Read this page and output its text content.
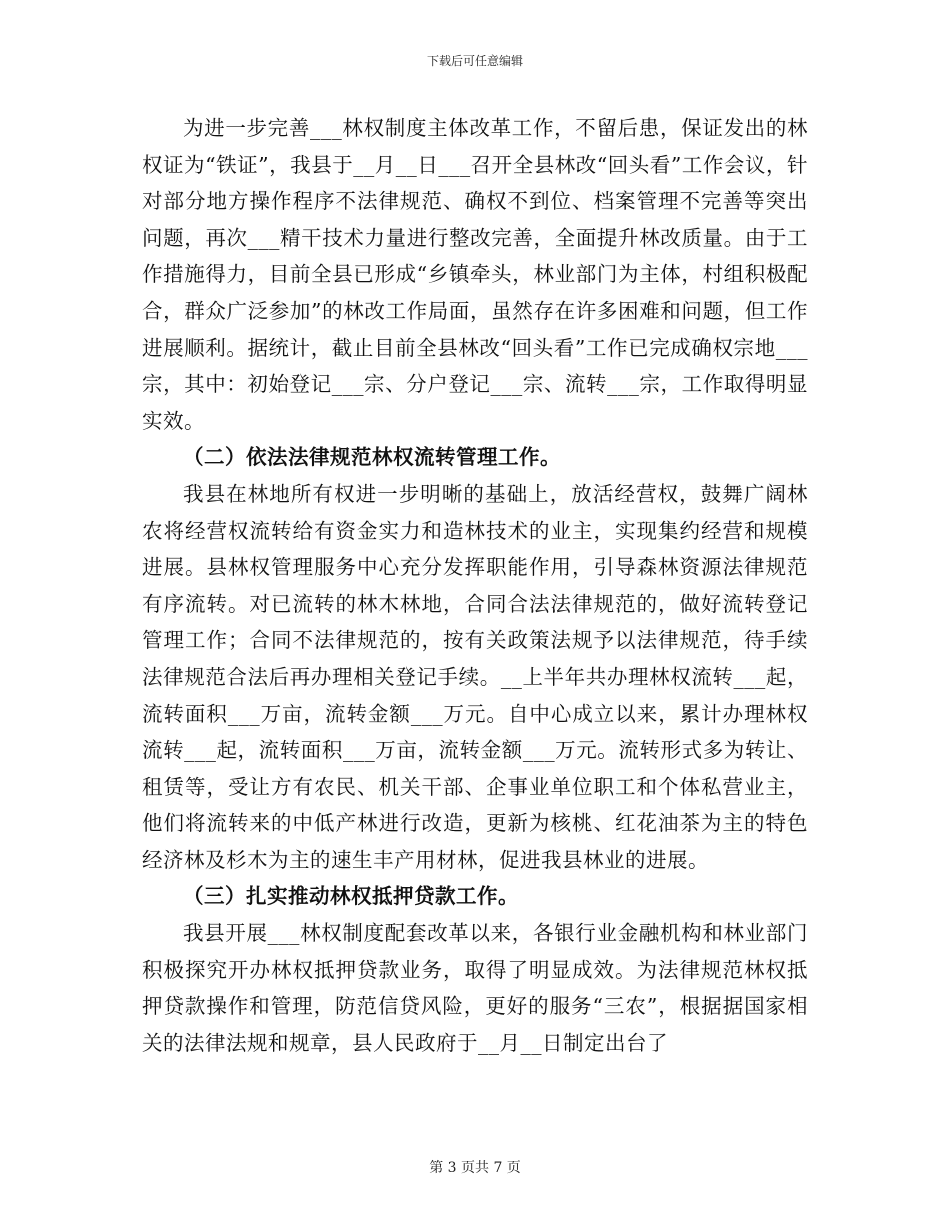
下载后可任意编辑

为进一步完善___林权制度主体改革工作，不留后患，保证发出的林权证为“铁证”，我县于__月__日___召开全县林改“回头看”工作会议，针对部分地方操作程序不法律规范、确权不到位、档案管理不完善等突出问题，再次___精干技术力量进行整改完善，全面提升林改质量。由于工作措施得力，目前全县已形成“乡镇牵头，林业部门为主体，村组积极配合，群众广泛参加”的林改工作局面，虽然存在许多困难和问题，但工作进展顺利。据统计，截止目前全县林改“回头看”工作已完成确权宗地___宗，其中：初始登记___宗、分户登记___宗、流转___宗，工作取得明显实效。

（二）依法法律规范林权流转管理工作。

我县在林地所有权进一步明晰的基础上，放活经营权，鼓舞广阔林农将经营权流转给有资金实力和造林技术的业主，实现集约经营和规模进展。县林权管理服务中心充分发挥职能作用，引导森林资源法律规范有序流转。对已流转的林木林地，合同合法法律规范的，做好流转登记管理工作；合同不法律规范的，按有关政策法规予以法律规范，待手续法律规范合法后再办理相关登记手续。__上半年共办理林权流转___起，流转面积___万亩，流转金额___万元。自中心成立以来，累计办理林权流转___起，流转面积___万亩，流转金额___万元。流转形式多为转让、租赁等，受让方有农民、机关干部、企事业单位职工和个体私营业主，他们将流转来的中低产林进行改造，更新为核桃、红花油茶为主的特色经济林及杉木为主的速生丰产用材林，促进我县林业的进展。

（三）扎实推动林权抵押贷款工作。

我县开展___林权制度配套改革以来，各银行业金融机构和林业部门积极探究开办林权抵押贷款业务，取得了明显成效。为法律规范林权抵押贷款操作和管理，防范信贷风险，更好的服务“三农”，根据据国家相关的法律法规和规章，县人民政府于__月__日制定出台了

第 3 页共 7 页
